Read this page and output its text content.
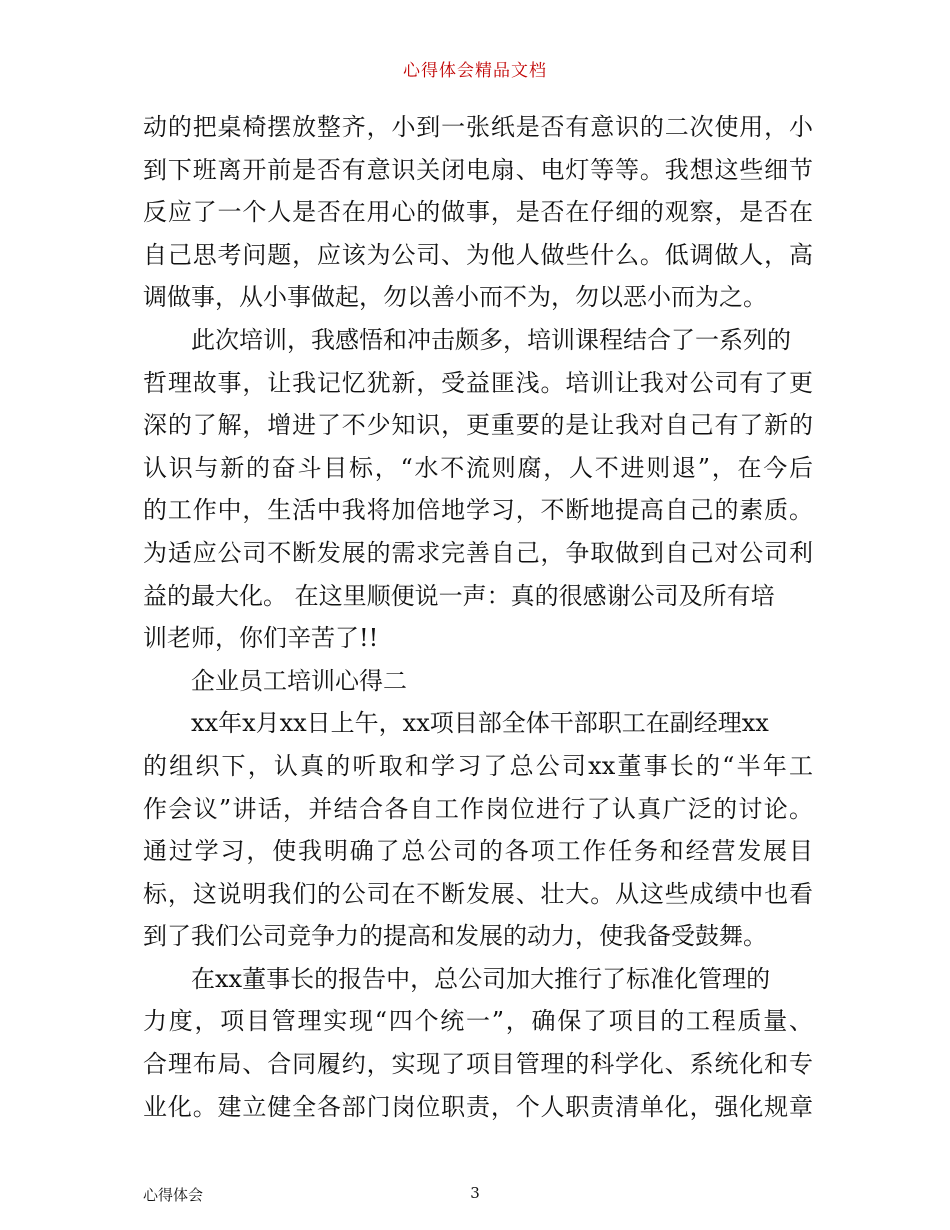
心得体会精品文档
动的把桌椅摆放整齐，小到一张纸是否有意识的二次使用，小
到下班离开前是否有意识关闭电扇、电灯等等。我想这些细节
反应了一个人是否在用心的做事，是否在仔细的观察，是否在
自己思考问题，应该为公司、为他人做些什么。低调做人，高
调做事，从小事做起，勿以善小而不为，勿以恶小而为之。
此次培训，我感悟和冲击颇多，培训课程结合了一系列的
哲理故事，让我记忆犹新，受益匪浅。培训让我对公司有了更
深的了解，增进了不少知识，更重要的是让我对自己有了新的
认识与新的奋斗目标，“水不流则腐，人不进则退”，在今后
的工作中，生活中我将加倍地学习，不断地提高自己的素质。
为适应公司不断发展的需求完善自己，争取做到自己对公司利
益的最大化。 在这里顺便说一声：真的很感谢公司及所有培
训老师，你们辛苦了!!
企业员工培训心得二
xx年x月xx日上午，xx项目部全体干部职工在副经理xx
的组织下，认真的听取和学习了总公司xx董事长的“半年工
作会议”讲话，并结合各自工作岗位进行了认真广泛的讨论。
通过学习，使我明确了总公司的各项工作任务和经营发展目
标，这说明我们的公司在不断发展、壮大。从这些成绩中也看
到了我们公司竞争力的提高和发展的动力，使我备受鼓舞。
在xx董事长的报告中，总公司加大推行了标准化管理的
力度，项目管理实现“四个统一”，确保了项目的工程质量、
合理布局、合同履约，实现了项目管理的科学化、系统化和专
业化。建立健全各部门岗位职责，个人职责清单化，强化规章
心得体会	3
